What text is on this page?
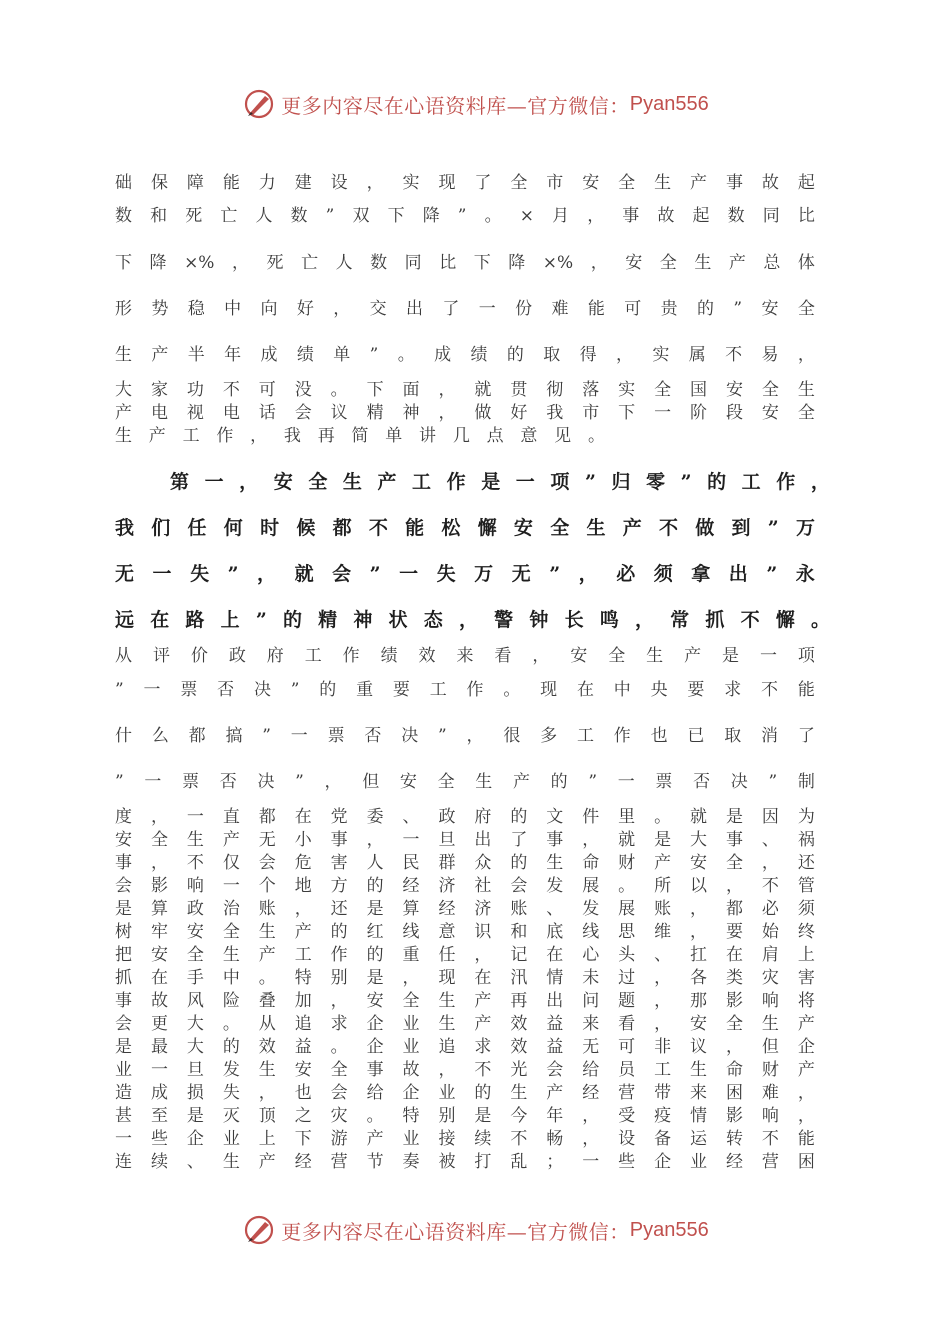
更多内容尽在心语资料库—官方微信： Pyan556
础 保 障 能 力 建 设 ， 实 现 了 全 市 安 全 生 产 事 故 起
数 和 死 亡 人 数 ” 双 下 降 ” 。 × 月 ， 事 故 起 数 同 比
下 降 ×% ， 死 亡 人 数 同 比 下 降 ×% ， 安 全 生 产 总 体
形 势 稳 中 向 好 ， 交 出 了 一 份 难 能 可 贵 的 ” 安 全
生 产 半 年 成 绩 单 ” 。 成 绩 的 取 得 ， 实 属 不 易 ，
大 家 功 不 可 没 。 下 面 ， 就 贯 彻 落 实 全 国 安 全 生
产 电 视 电 话 会 议 精 神 ， 做 好 我 市 下 一 阶 段 安 全
生 产 工 作 ， 我 再 简 单 讲 几 点 意 见 。
第 一 ， 安 全 生 产 工 作 是 一 项 ” 归 零 ” 的 工 作 ，
我 们 任 何 时 候 都 不 能 松 懈 安 全 生 产 不 做 到 ” 万
无 一 失 ” ， 就 会 ” 一 失 万 无 ” ， 必 须 拿 出 ” 永
远 在 路 上 ” 的 精 神 状 态 ， 警 钟 长 鸣 ， 常 抓 不 懈 。
从 评 价 政 府 工 作 绩 效 来 看 ， 安 全 生 产 是 一 项
” 一 票 否 决 ” 的 重 要 工 作 。 现 在 中 央 要 求 不 能
什 么 都 搞 ” 一 票 否 决 ” ， 很 多 工 作 也 已 取 消 了
” 一 票 否 决 ” ， 但 安 全 生 产 的 ” 一 票 否 决 ” 制
度 ， 一 直 都 在 党 委 、 政 府 的 文 件 里 。 就 是 因 为
安 全 生 产 无 小 事 ， 一 旦 出 了 事 ， 就 是 大 事 、 祸
事 ， 不 仅 会 危 害 人 民 群 众 的 生 命 财 产 安 全 ， 还
会 影 响 一 个 地 方 的 经 济 社 会 发 展 。 所 以 ， 不 管
是 算 政 治 账 ， 还 是 算 经 济 账 、 发 展 账 ， 都 必 须
树 牢 安 全 生 产 的 红 线 意 识 和 底 线 思 维 ， 要 始 终
把 安 全 生 产 工 作 的 重 任 ， 记 在 心 头 、 扛 在 肩 上
抓 在 手 中 。 特 别 是 ， 现 在 汛 情 未 过 ， 各 类 灾 害
事 故 风 险 叠 加 ， 安 全 生 产 再 出 问 题 ， 那 影 响 将
会 更 大 。 从 追 求 企 业 生 产 效 益 来 看 ， 安 全 生 产
是 最 大 的 效 益 。 企 业 追 求 效 益 无 可 非 议 ， 但 企
业 一 旦 发 生 安 全 事 故 ， 不 光 会 给 员 工 生 命 财 产
造 成 损 失 ， 也 会 给 企 业 的 生 产 经 营 带 来 困 难 ，
甚 至 是 灭 顶 之 灾 。 特 别 是 今 年 ， 受 疫 情 影 响 ，
一 些 企 业 上 下 游 产 业 接 续 不 畅 ， 设 备 运 转 不 能
连 续 、 生 产 经 营 节 奏 被 打 乱 ； 一 些 企 业 经 营 困
更多内容尽在心语资料库—官方微信： Pyan556
